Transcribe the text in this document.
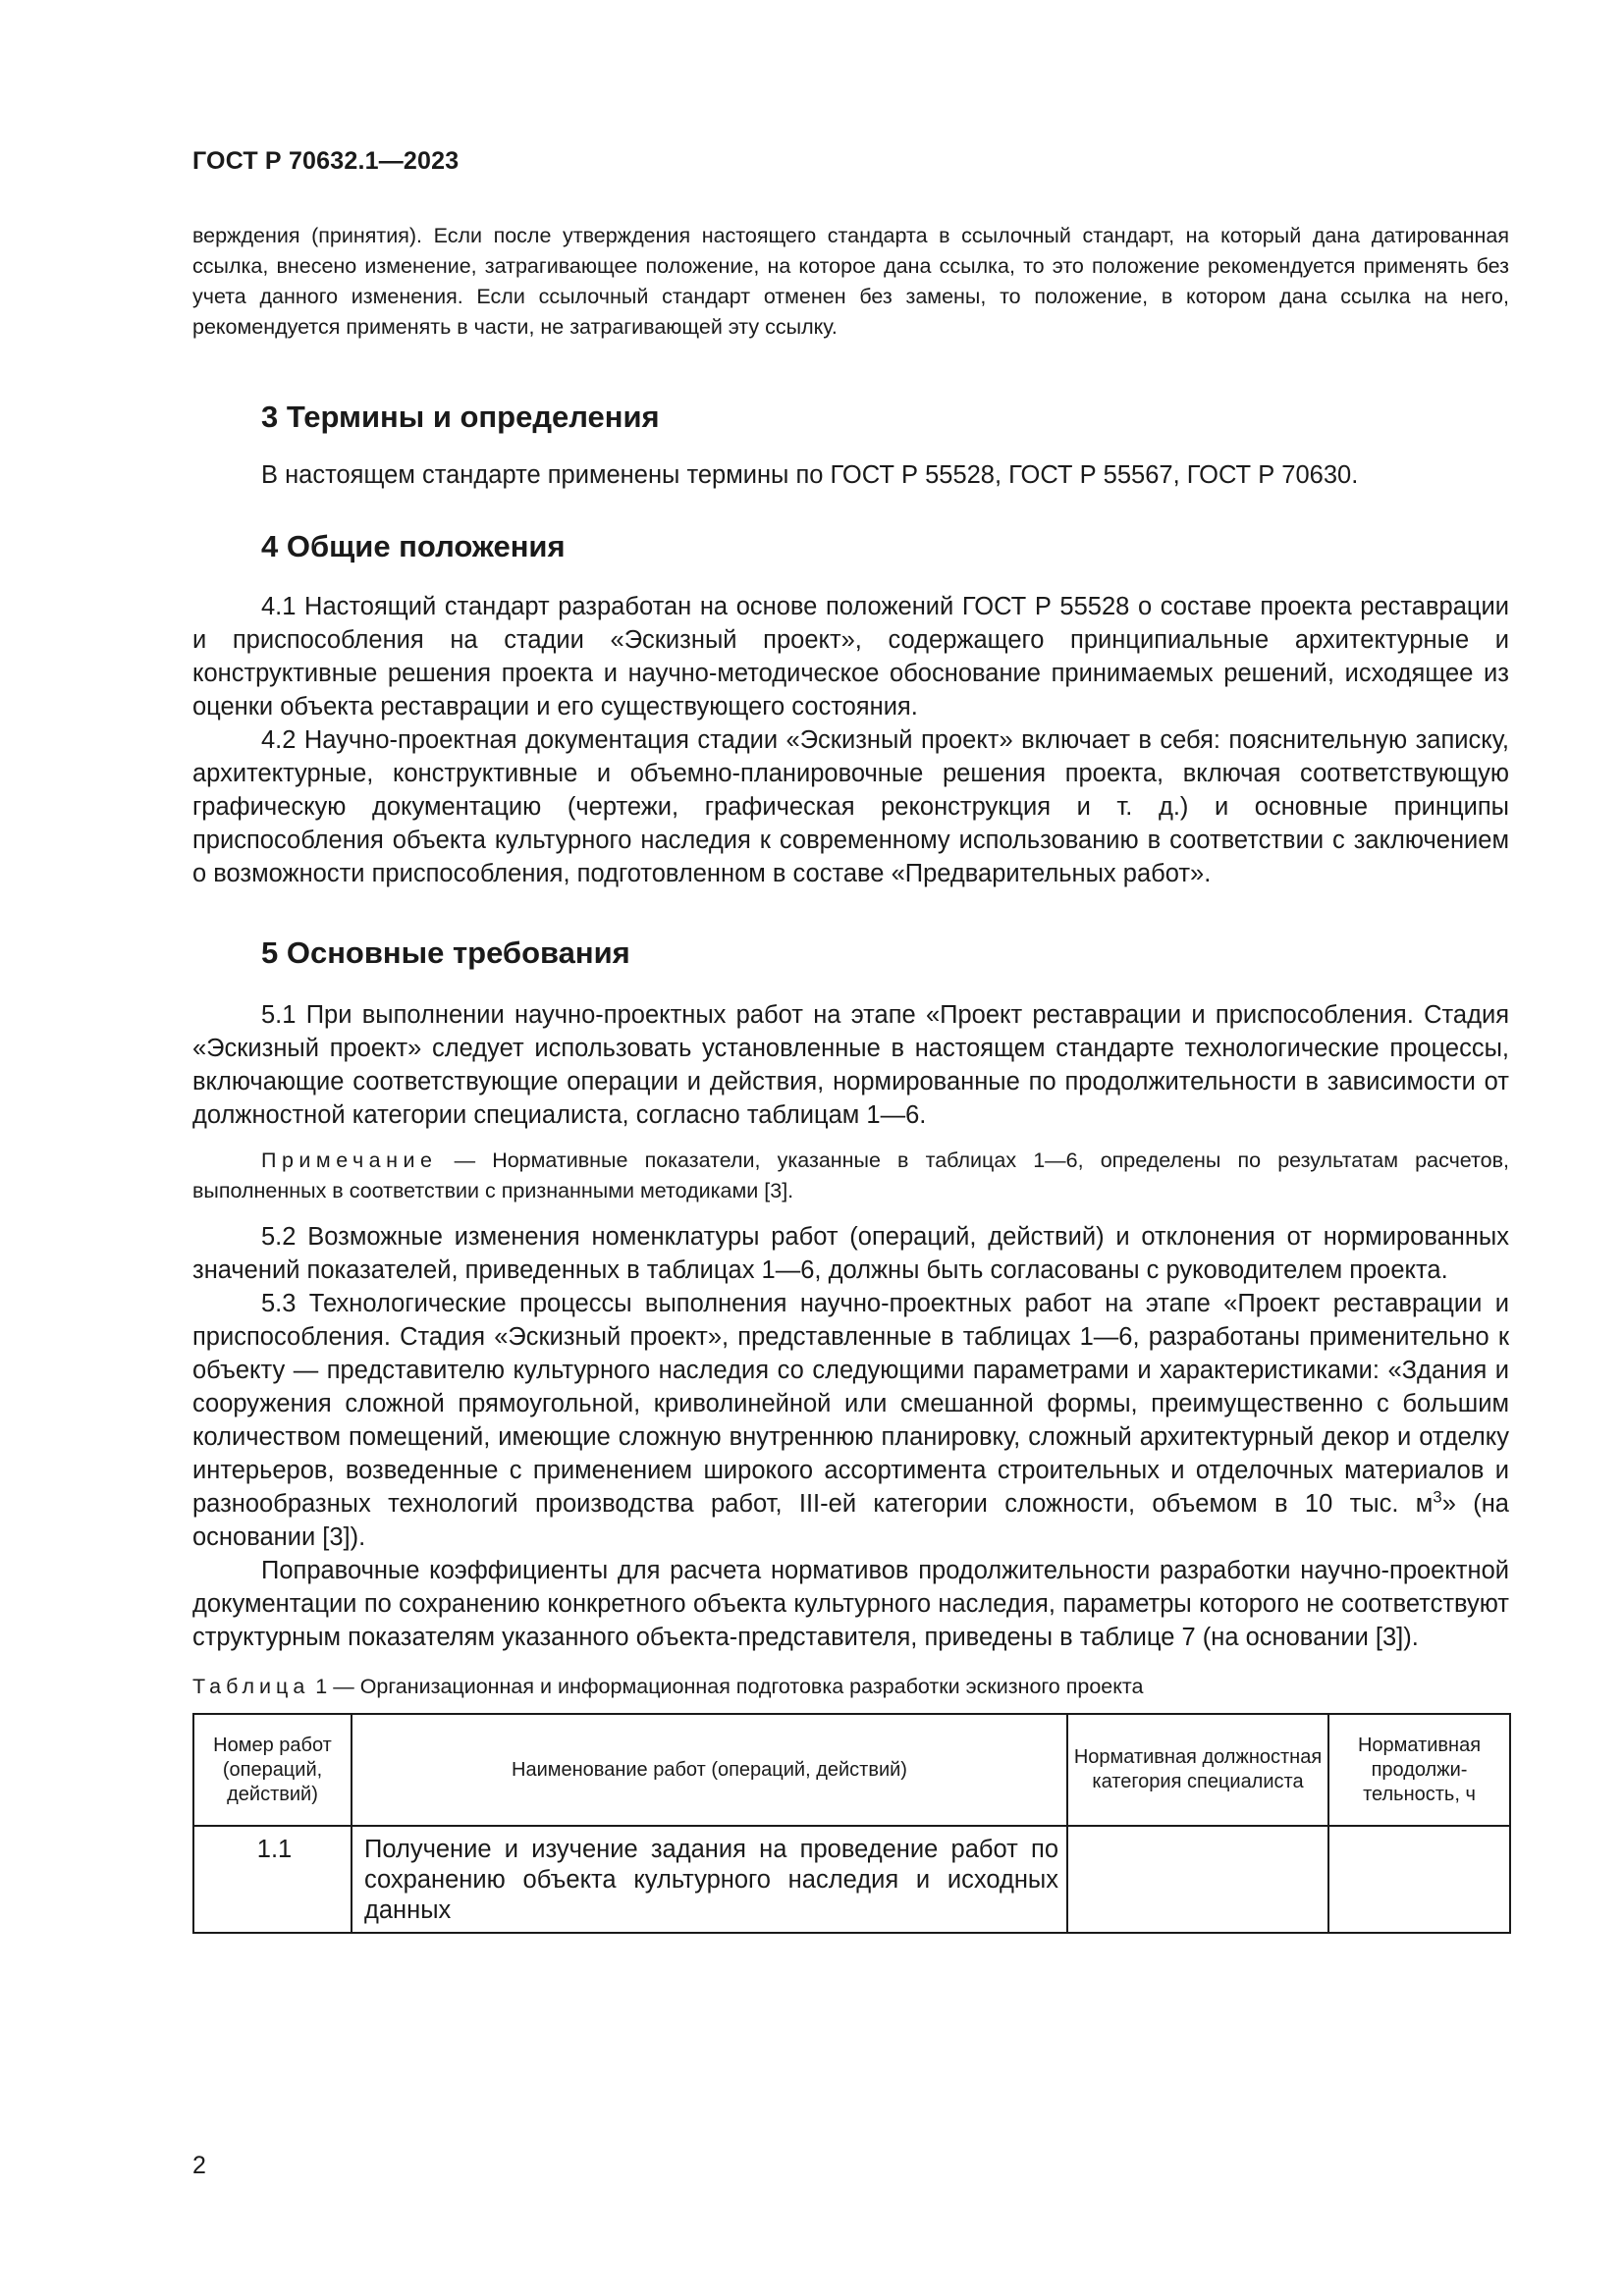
ГОСТ Р 70632.1—2023

верждения (принятия). Если после утверждения настоящего стандарта в ссылочный стандарт, на который дана датированная ссылка, внесено изменение, затрагивающее положение, на которое дана ссылка, то это положение рекомендуется применять без учета данного изменения. Если ссылочный стандарт отменен без замены, то положение, в котором дана ссылка на него, рекомендуется применять в части, не затрагивающей эту ссылку.

3 Термины и определения

В настоящем стандарте применены термины по ГОСТ Р 55528, ГОСТ Р 55567, ГОСТ Р 70630.

4 Общие положения

4.1 Настоящий стандарт разработан на основе положений ГОСТ Р 55528 о составе проекта реставрации и приспособления на стадии «Эскизный проект», содержащего принципиальные архитектурные и конструктивные решения проекта и научно-методическое обоснование принимаемых решений, исходящее из оценки объекта реставрации и его существующего состояния.

4.2 Научно-проектная документация стадии «Эскизный проект» включает в себя: пояснительную записку, архитектурные, конструктивные и объемно-планировочные решения проекта, включая соответствующую графическую документацию (чертежи, графическая реконструкция и т. д.) и основные принципы приспособления объекта культурного наследия к современному использованию в соответствии с заключением о возможности приспособления, подготовленном в составе «Предварительных работ».

5 Основные требования

5.1 При выполнении научно-проектных работ на этапе «Проект реставрации и приспособления. Стадия «Эскизный проект» следует использовать установленные в настоящем стандарте технологические процессы, включающие соответствующие операции и действия, нормированные по продолжительности в зависимости от должностной категории специалиста, согласно таблицам 1—6.

Примечание — Нормативные показатели, указанные в таблицах 1—6, определены по результатам расчетов, выполненных в соответствии с признанными методиками [3].

5.2 Возможные изменения номенклатуры работ (операций, действий) и отклонения от нормированных значений показателей, приведенных в таблицах 1—6, должны быть согласованы с руководителем проекта.

5.3 Технологические процессы выполнения научно-проектных работ на этапе «Проект реставрации и приспособления. Стадия «Эскизный проект», представленные в таблицах 1—6, разработаны применительно к объекту — представителю культурного наследия со следующими параметрами и характеристиками: «Здания и сооружения сложной прямоугольной, криволинейной или смешанной формы, преимущественно с большим количеством помещений, имеющие сложную внутреннюю планировку, сложный архитектурный декор и отделку интерьеров, возведенные с применением широкого ассортимента строительных и отделочных материалов и разнообразных технологий производства работ, III-ей категории сложности, объемом в 10 тыс. $м^3$» (на основании [3]).

Поправочные коэффициенты для расчета нормативов продолжительности разработки научно-проектной документации по сохранению конкретного объекта культурного наследия, параметры которого не соответствуют структурным показателям указанного объекта-представителя, приведены в таблице 7 (на основании [3]).

Таблица 1 — Организационная и информационная подготовка разработки эскизного проекта

Номер работ (операций, действий)	Наименование работ (операций, действий)	Нормативная должностная категория специалиста	Нормативная продолжи-тельность, ч
1.1	Получение и изучение задания на проведение работ по сохранению объекта культурного наследия и исходных данных		
2
